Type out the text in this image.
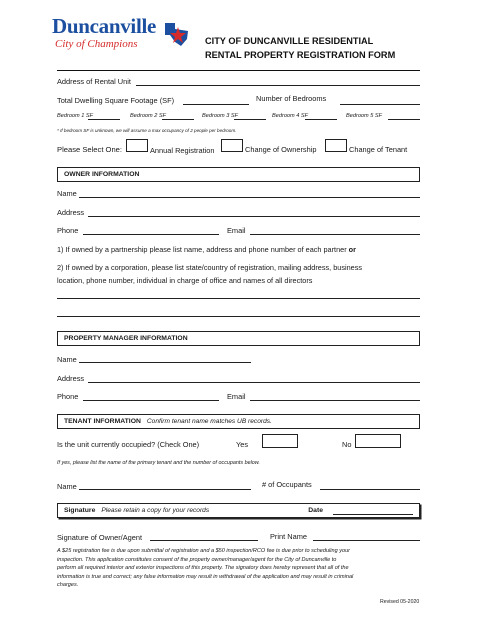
Duncanville
City of Champions	CITY OF DUNCANVILLE RESIDENTIAL
RENTAL PROPERTY REGISTRATION FORM
Address of Rental Unit
Total Dwelling Square Footage (SF)	Number of Bedrooms
Bedroom 1 SF	Bedroom 2 SF	Bedroom 3 SF	Bedroom 4 SF	Bedroom 5 SF
* If bedroom SF is unknown, we will assume a max occupancy of 2 people per bedroom.
Please Select One:	Annual Registration	Change of Ownership	Change of Tenant
OWNER INFORMATION
Name
Address
Phone	Email
1) If owned by a partnership please list name, address and phone number of each partner or
2) If owned by a corporation, please list state/country of registration, mailing address, business
location, phone number, individual in charge of office and names of all directors
PROPERTY MANAGER INFORMATION
Name
Address
Phone	Email
TENANT INFORMATION Confirm tenant name matches UB records.
Is the unit currently occupied? (Check One)	Yes	No
If yes, please list the name of the primary tenant and the number of occupants below.
Name	# of Occupants
Signature Please retain a copy for your records	Date
Signature of Owner/Agent	Print Name
A $25 registration fee is due upon submittal of registration and a $50 inspection/RCO fee is due prior to scheduling your
inspection. This application constitutes consent of the property owner/manager/agent for the City of Duncanville to
perform all required interior and exterior inspections of this property. The signatory does hereby represent that all of the
information is true and correct; any false information may result in withdrawal of the application and may result in criminal
charges.
Revised 05-2020
